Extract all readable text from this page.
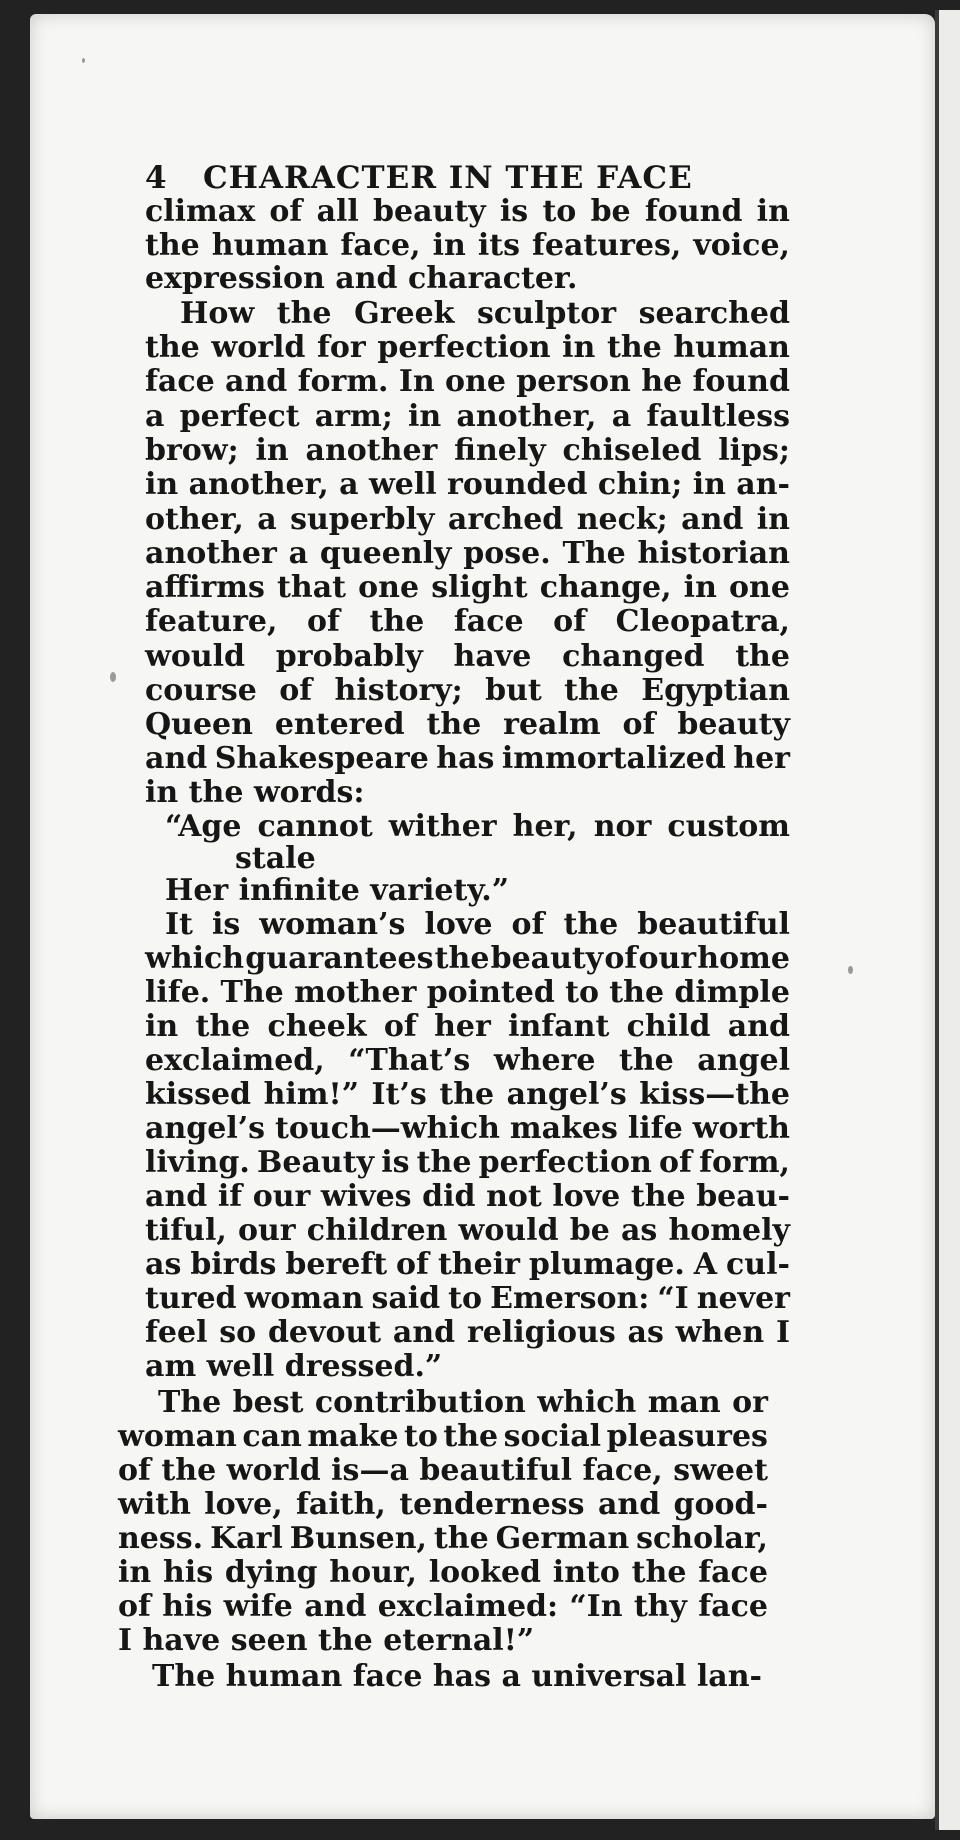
4 CHARACTER IN THE FACE
climax of all beauty is to be found in
the human face, in its features, voice,
expression and character.
How the Greek sculptor searched
the world for perfection in the human
face and form. In one person he found
a perfect arm; in another, a faultless
brow; in another finely chiseled lips;
in another, a well rounded chin; in an-
other, a superbly arched neck; and in
another a queenly pose. The historian
affirms that one slight change, in one
feature, of the face of Cleopatra,
would probably have changed the
course of history; but the Egyptian
Queen entered the realm of beauty
and Shakespeare has immortalized her
in the words:
“Age cannot wither her, nor custom
stale
Her infinite variety.”
It is woman’s love of the beautiful
which guarantees the beauty of our home
life. The mother pointed to the dimple
in the cheek of her infant child and
exclaimed, “That’s where the angel
kissed him!” It’s the angel’s kiss—the
angel’s touch—which makes life worth
living. Beauty is the perfection of form,
and if our wives did not love the beau-
tiful, our children would be as homely
as birds bereft of their plumage. A cul-
tured woman said to Emerson: “I never
feel so devout and religious as when I
am well dressed.”
The best contribution which man or
woman can make to the social pleasures
of the world is—a beautiful face, sweet
with love, faith, tenderness and good-
ness. Karl Bunsen, the German scholar,
in his dying hour, looked into the face
of his wife and exclaimed: “In thy face
I have seen the eternal!”
The human face has a universal lan-
